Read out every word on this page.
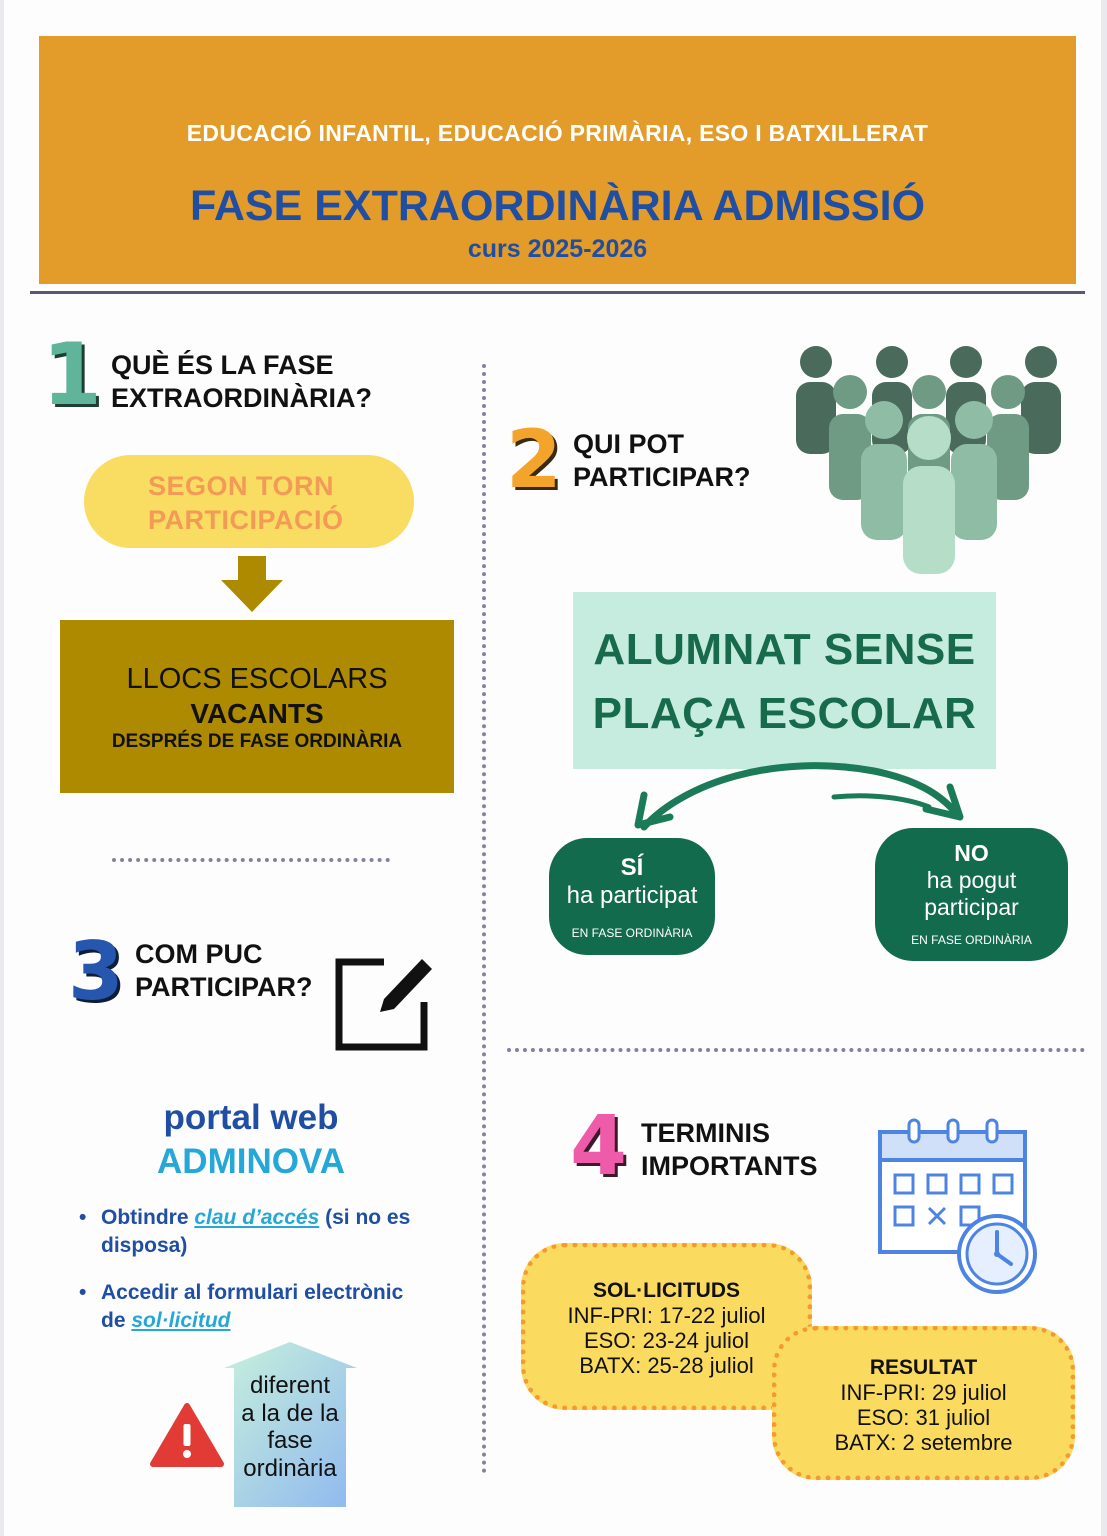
EDUCACIÓ INFANTIL, EDUCACIÓ PRIMÀRIA, ESO I BATXILLERAT
FASE EXTRAORDINÀRIA ADMISSIÓ
curs 2025-2026
1 QUÈ ÉS LA FASE
EXTRAORDINÀRIA?
SEGON TORN
PARTICIPACIÓ
LLOCS ESCOLARS
VACANTS
DESPRÉS DE FASE ORDINÀRIA
2 QUI POT
PARTICIPAR?
ALUMNAT SENSE
PLAÇA ESCOLAR
SÍ
ha participat
EN FASE ORDINÀRIA
NO
ha pogut
participar
EN FASE ORDINÀRIA
3 COM PUC
PARTICIPAR?
portal web
ADMINOVA
• Obtindre clau d’accés (si no es disposa)
• Accedir al formulari electrònic de sol·licitud
diferent
a la de la
fase
ordinària
4 TERMINIS
IMPORTANTS
SOL·LICITUDS
INF-PRI: 17-22 juliol
ESO: 23-24 juliol
BATX: 25-28 juliol	RESULTAT
INF-PRI: 29 juliol
ESO: 31 juliol
BATX: 2 setembre
